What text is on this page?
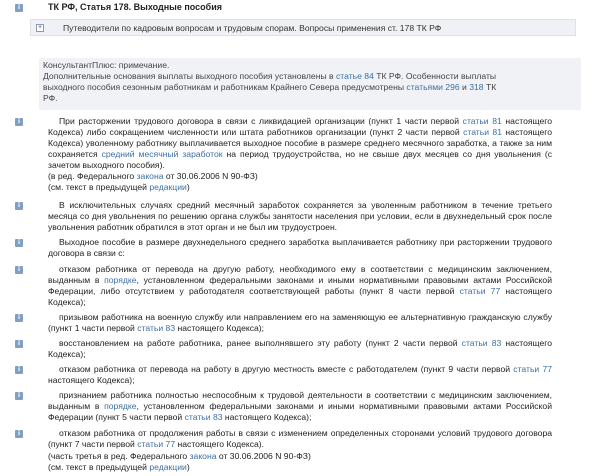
i	ТК РФ, Статья 178. Выходные пособия
+ Путеводители по кадровым вопросам и трудовым спорам. Вопросы применения ст. 178 ТК РФ
КонсультантПлюс: примечание.
Дополнительные основания выплаты выходного пособия установлены в статье 84 ТК РФ. Особенности выплаты
выходного пособия сезонным работникам и работникам Крайнего Севера предусмотрены статьями 296 и 318 ТК
РФ.
i	При расторжении трудового договора в связи с ликвидацией организации (пункт 1 части первой статьи 81 настоящего Кодекса) либо сокращением численности или штата работников организации (пункт 2 части первой статьи 81 настоящего Кодекса) уволенному работнику выплачивается выходное пособие в размере среднего месячного заработка, а также за ним сохраняется средний месячный заработок на период трудоустройства, но не свыше двух месяцев со дня увольнения (с зачетом выходного пособия).
(в ред. Федерального закона от 30.06.2006 N 90-ФЗ)
(см. текст в предыдущей редакции)
i	В исключительных случаях средний месячный заработок сохраняется за уволенным работником в течение третьего месяца со дня увольнения по решению органа службы занятости населения при условии, если в двухнедельный срок после увольнения работник обратился в этот орган и не был им трудоустроен.
i	Выходное пособие в размере двухнедельного среднего заработка выплачивается работнику при расторжении трудового договора в связи с:
i	отказом работника от перевода на другую работу, необходимого ему в соответствии с медицинским заключением, выданным в порядке, установленном федеральными законами и иными нормативными правовыми актами Российской Федерации, либо отсутствием у работодателя соответствующей работы (пункт 8 части первой статьи 77 настоящего Кодекса);
i	призывом работника на военную службу или направлением его на заменяющую ее альтернативную гражданскую службу (пункт 1 части первой статьи 83 настоящего Кодекса);
i	восстановлением на работе работника, ранее выполнявшего эту работу (пункт 2 части первой статьи 83 настоящего Кодекса);
i	отказом работника от перевода на работу в другую местность вместе с работодателем (пункт 9 части первой статьи 77 настоящего Кодекса);
i	признанием работника полностью неспособным к трудовой деятельности в соответствии с медицинским заключением, выданным в порядке, установленном федеральными законами и иными нормативными правовыми актами Российской Федерации (пункт 5 части первой статьи 83 настоящего Кодекса);
i	отказом работника от продолжения работы в связи с изменением определенных сторонами условий трудового договора (пункт 7 части первой статьи 77 настоящего Кодекса).
(часть третья в ред. Федерального закона от 30.06.2006 N 90-ФЗ)
(см. текст в предыдущей редакции)
